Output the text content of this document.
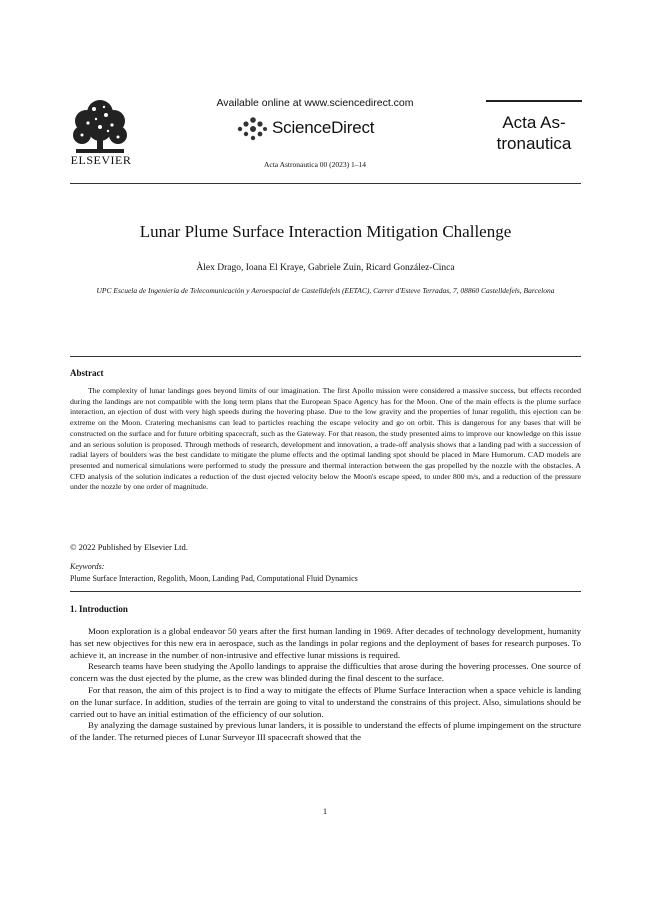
ELSEVIER
Available online at www.sciencedirect.com
ScienceDirect
Acta Astronautica 00 (2023) 1–14
Acta As-
tronautica
Lunar Plume Surface Interaction Mitigation Challenge
Àlex Drago, Ioana El Kraye, Gabriele Zuin, Ricard González-Cinca
UPC Escuela de Ingeniería de Telecomunicación y Aeroespacial de Castelldefels (EETAC), Carrer d'Esteve Terradas, 7, 08860 Castelldefels, Barcelona
Abstract
The complexity of lunar landings goes beyond limits of our imagination. The first Apollo mission were considered a massive success, but effects recorded during the landings are not compatible with the long term plans that the European Space Agency has for the Moon. One of the main effects is the plume surface interaction, an ejection of dust with very high speeds during the hovering phase. Due to the low gravity and the properties of lunar regolith, this ejection can be extreme on the Moon. Cratering mechanisms can lead to particles reaching the escape velocity and go on orbit. This is dangerous for any bases that will be constructed on the surface and for future orbiting spacecraft, such as the Gateway. For that reason, the study presented aims to improve our knowledge on this issue and an serious solution is proposed. Through methods of research, development and innovation, a trade-off analysis shows that a landing pad with a succession of radial layers of boulders was the best candidate to mitigate the plume effects and the optimal landing spot should be placed in Mare Humorum. CAD models are presented and numerical simulations were performed to study the pressure and thermal interaction between the gas propelled by the nozzle with the obstacles. A CFD analysis of the solution indicates a reduction of the dust ejected velocity below the Moon's escape speed, to under 800 m/s, and a reduction of the pressure under the nozzle by one order of magnitude.
© 2022 Published by Elsevier Ltd.
Keywords:
Plume Surface Interaction, Regolith, Moon, Landing Pad, Computational Fluid Dynamics
1. Introduction

Moon exploration is a global endeavor 50 years after the first human landing in 1969. After decades of technology development, humanity has set new objectives for this new era in aerospace, such as the landings in polar regions and the deployment of bases for research purposes. To achieve it, an increase in the number of non-intrusive and effective lunar missions is required.

Research teams have been studying the Apollo landings to appraise the difficulties that arose during the hovering processes. One source of concern was the dust ejected by the plume, as the crew was blinded during the final descent to the surface.

For that reason, the aim of this project is to find a way to mitigate the effects of Plume Surface Interaction when a space vehicle is landing on the lunar surface. In addition, studies of the terrain are going to vital to understand the constrains of this project. Also, simulations should be carried out to have an initial estimation of the efficiency of our solution.

By analyzing the damage sustained by previous lunar landers, it is possible to understand the effects of plume impingement on the structure of the lander. The returned pieces of Lunar Surveyor III spacecraft showed that the

1
